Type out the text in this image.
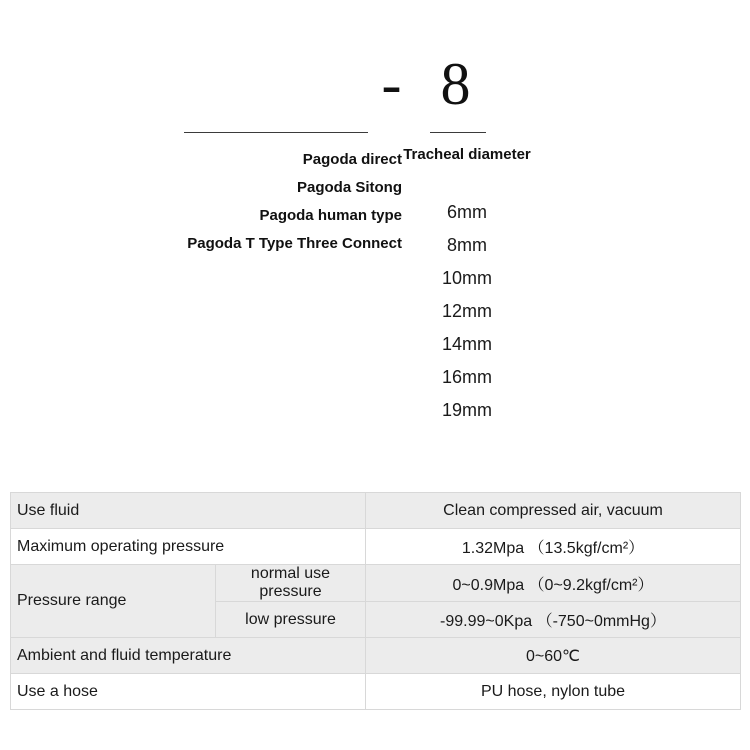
- 8
Pagoda direct
Pagoda Sitong
Pagoda human type
Pagoda T Type Three Connect
Tracheal diameter
6mm
8mm
10mm
12mm
14mm
16mm
19mm
Use fluid		Clean compressed air, vacuum
Maximum operating pressure		1.32Mpa （13.5kgf/cm²）
Pressure range	normal use pressure	0~0.9Mpa （0~9.2kgf/cm²）
	low pressure	-99.99~0Kpa （-750~0mmHg）
Ambient and fluid temperature		0~60℃
Use a hose		PU hose, nylon tube
